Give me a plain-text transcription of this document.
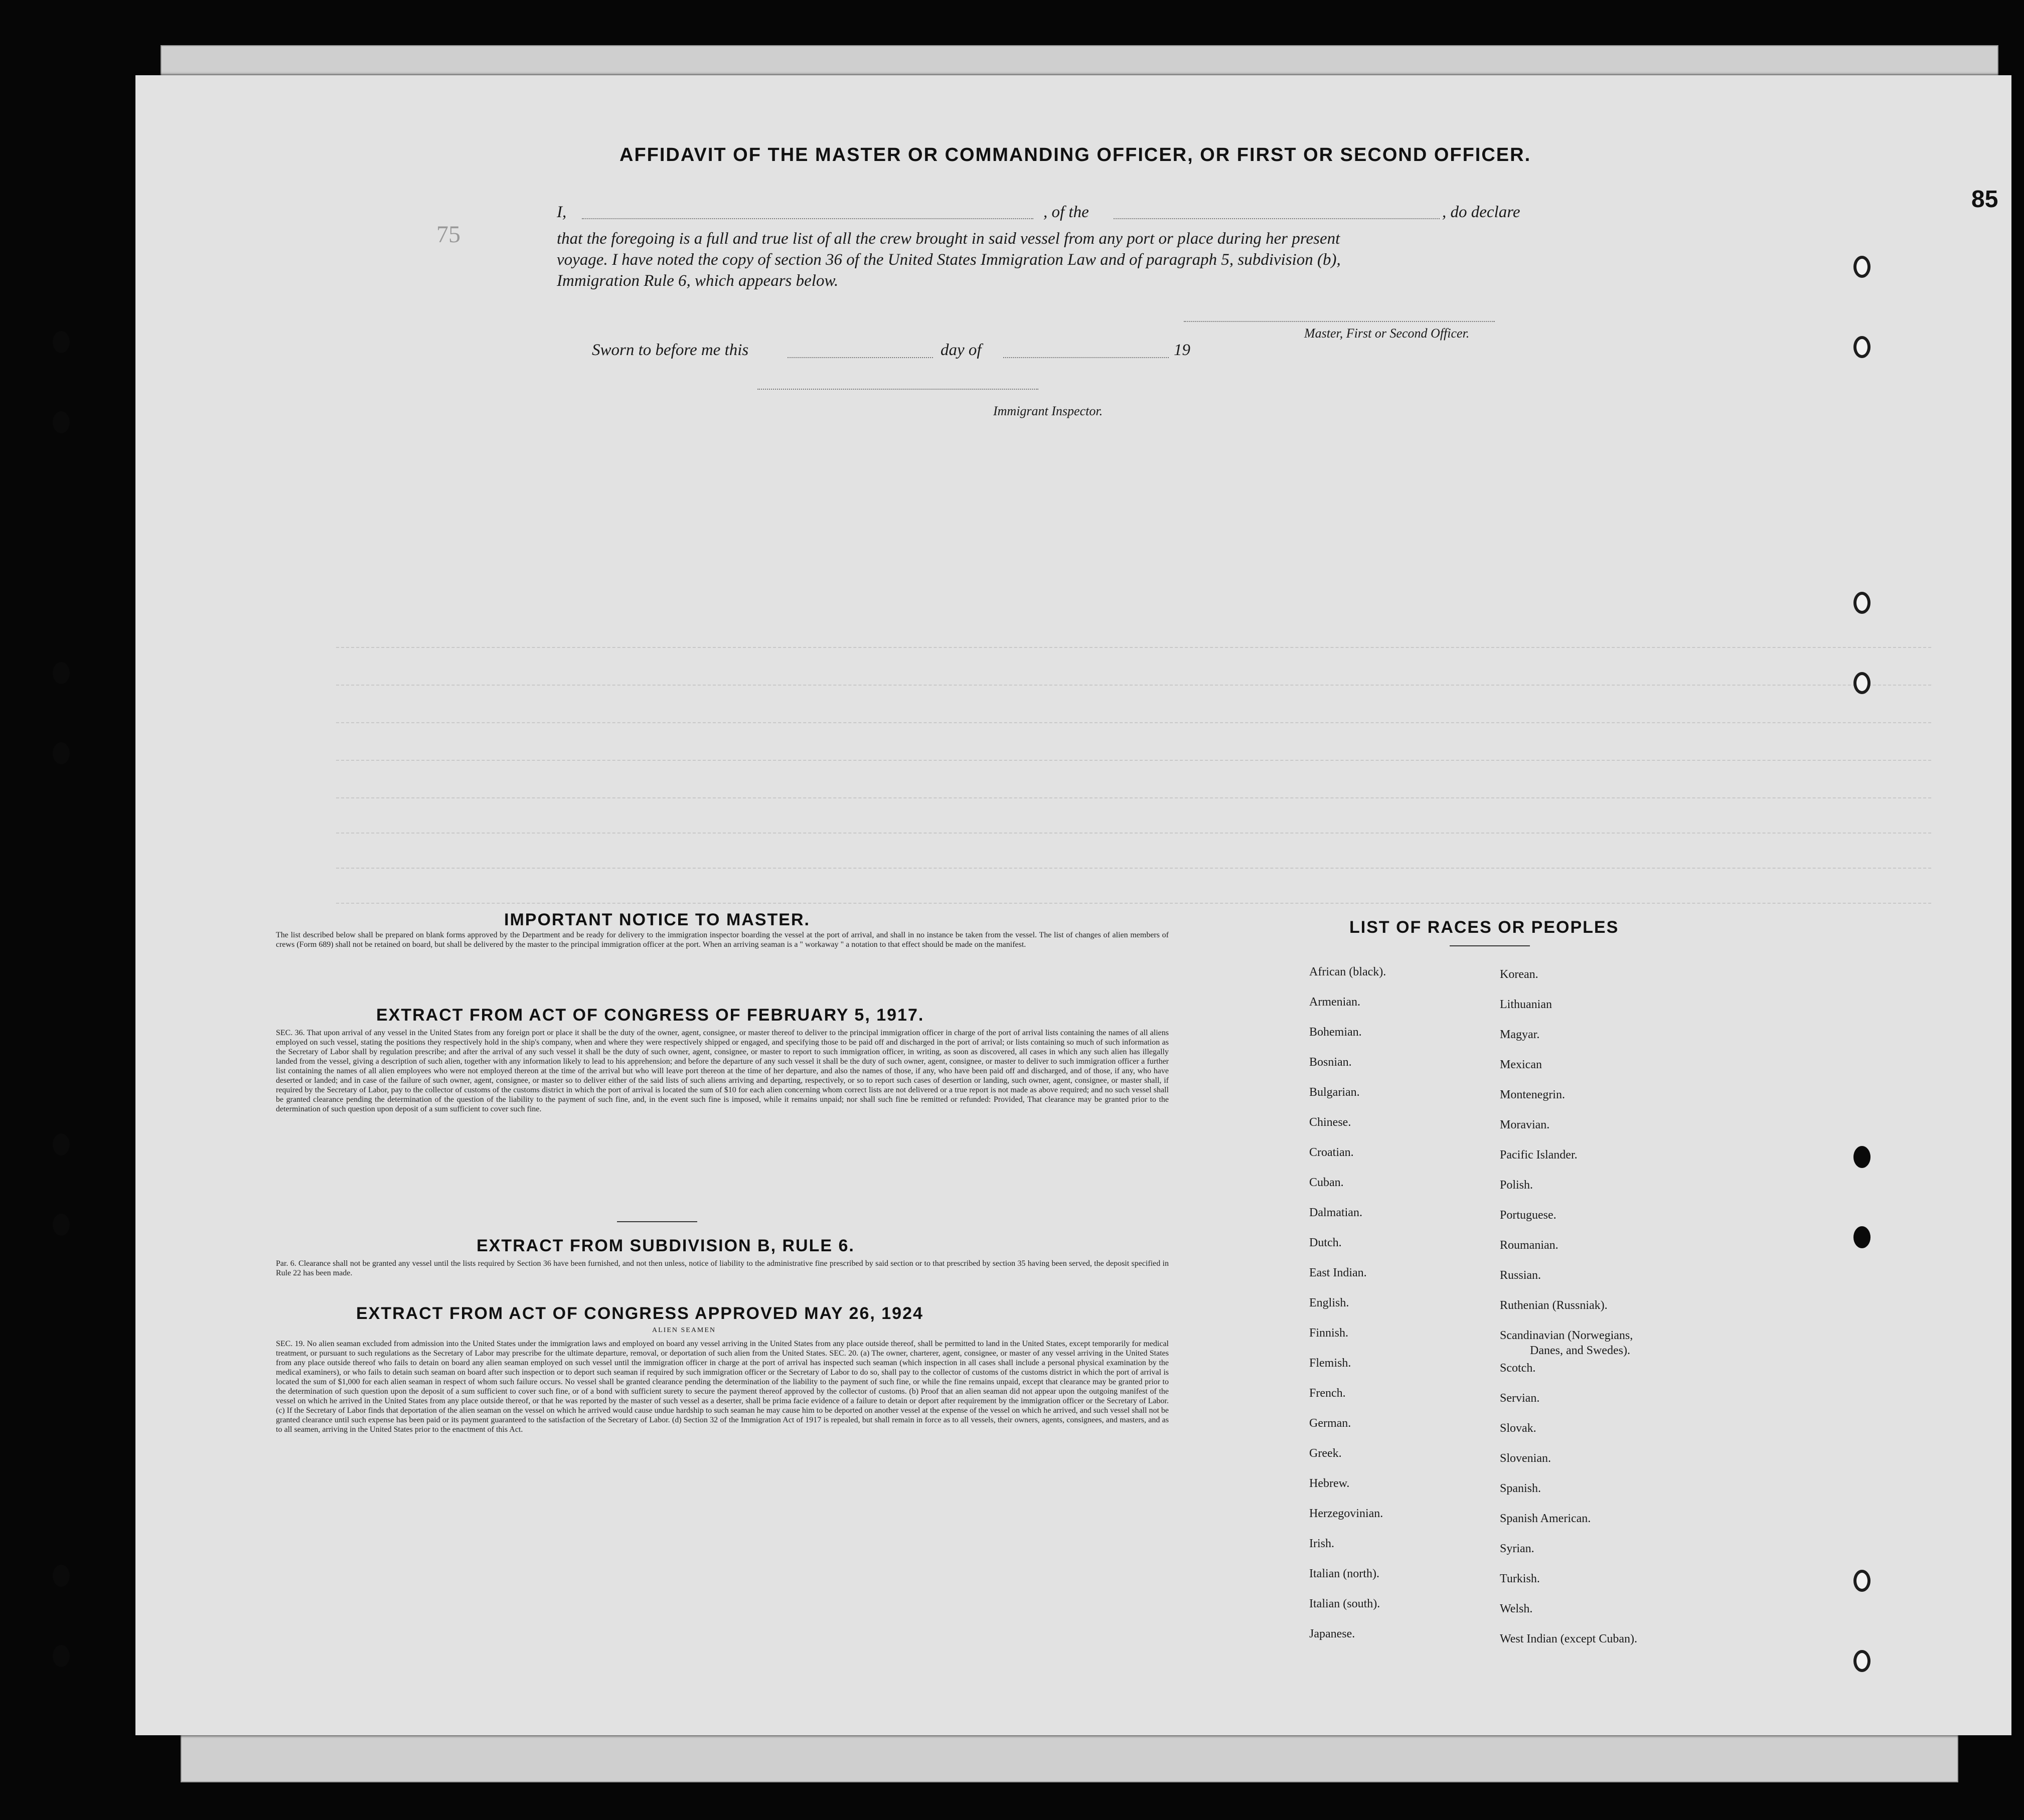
85
75
AFFIDAVIT OF THE MASTER OR COMMANDING OFFICER, OR FIRST OR SECOND OFFICER.
I,	, of the	, do declare
that the foregoing is a full and true list of all the crew brought in said vessel from any port or place during her present
voyage. I have noted the copy of section 36 of the United States Immigration Law and of paragraph 5, subdivision (b),
Immigration Rule 6, which appears below.
Master, First or Second Officer.
Sworn to before me this	day of	19
Immigrant Inspector.
IMPORTANT NOTICE TO MASTER.
The list described below shall be prepared on blank forms approved by the Department and be ready for delivery to the immigration inspector boarding the vessel at the port of arrival, and shall in no instance be taken from the vessel. The list of changes of alien members of crews (Form 689) shall not be retained on board, but shall be delivered by the master to the principal immigration officer at the port. When an arriving seaman is a " workaway " a notation to that effect should be made on the manifest.
EXTRACT FROM ACT OF CONGRESS OF FEBRUARY 5, 1917.
SEC. 36. That upon arrival of any vessel in the United States from any foreign port or place it shall be the duty of the owner, agent, consignee, or master thereof to deliver to the principal immigration officer in charge of the port of arrival lists containing the names of all aliens employed on such vessel, stating the positions they respectively hold in the ship's company, when and where they were respectively shipped or engaged, and specifying those to be paid off and discharged in the port of arrival; or lists containing so much of such information as the Secretary of Labor shall by regulation prescribe; and after the arrival of any such vessel it shall be the duty of such owner, agent, consignee, or master to report to such immigration officer, in writing, as soon as discovered, all cases in which any such alien has illegally landed from the vessel, giving a description of such alien, together with any information likely to lead to his apprehension; and before the departure of any such vessel it shall be the duty of such owner, agent, consignee, or master to deliver to such immigration officer a further list containing the names of all alien employees who were not employed thereon at the time of the arrival but who will leave port thereon at the time of her departure, and also the names of those, if any, who have been paid off and discharged, and of those, if any, who have deserted or landed; and in case of the failure of such owner, agent, consignee, or master so to deliver either of the said lists of such aliens arriving and departing, respectively, or so to report such cases of desertion or landing, such owner, agent, consignee, or master shall, if required by the Secretary of Labor, pay to the collector of customs of the customs district in which the port of arrival is located the sum of $10 for each alien concerning whom correct lists are not delivered or a true report is not made as above required; and no such vessel shall be granted clearance pending the determination of the question of the liability to the payment of such fine, and, in the event such fine is imposed, while it remains unpaid; nor shall such fine be remitted or refunded: Provided, That clearance may be granted prior to the determination of such question upon deposit of a sum sufficient to cover such fine.
EXTRACT FROM SUBDIVISION B, RULE 6.
Par. 6. Clearance shall not be granted any vessel until the lists required by Section 36 have been furnished, and not then unless, notice of liability to the administrative fine prescribed by said section or to that prescribed by section 35 having been served, the deposit specified in Rule 22 has been made.
EXTRACT FROM ACT OF CONGRESS APPROVED MAY 26, 1924
ALIEN SEAMEN
SEC. 19. No alien seaman excluded from admission into the United States under the immigration laws and employed on board any vessel arriving in the United States from any place outside thereof, shall be permitted to land in the United States, except temporarily for medical treatment, or pursuant to such regulations as the Secretary of Labor may prescribe for the ultimate departure, removal, or deportation of such alien from the United States. SEC. 20. (a) The owner, charterer, agent, consignee, or master of any vessel arriving in the United States from any place outside thereof who fails to detain on board any alien seaman employed on such vessel until the immigration officer in charge at the port of arrival has inspected such seaman (which inspection in all cases shall include a personal physical examination by the medical examiners), or who fails to detain such seaman on board after such inspection or to deport such seaman if required by such immigration officer or the Secretary of Labor to do so, shall pay to the collector of customs of the customs district in which the port of arrival is located the sum of $1,000 for each alien seaman in respect of whom such failure occurs. No vessel shall be granted clearance pending the determination of the liability to the payment of such fine, or while the fine remains unpaid, except that clearance may be granted prior to the determination of such question upon the deposit of a sum sufficient to cover such fine, or of a bond with sufficient surety to secure the payment thereof approved by the collector of customs. (b) Proof that an alien seaman did not appear upon the outgoing manifest of the vessel on which he arrived in the United States from any place outside thereof, or that he was reported by the master of such vessel as a deserter, shall be prima facie evidence of a failure to detain or deport after requirement by the immigration officer or the Secretary of Labor. (c) If the Secretary of Labor finds that deportation of the alien seaman on the vessel on which he arrived would cause undue hardship to such seaman he may cause him to be deported on another vessel at the expense of the vessel on which he arrived, and such vessel shall not be granted clearance until such expense has been paid or its payment guaranteed to the satisfaction of the Secretary of Labor. (d) Section 32 of the Immigration Act of 1917 is repealed, but shall remain in force as to all vessels, their owners, agents, consignees, and masters, and as to all seamen, arriving in the United States prior to the enactment of this Act.
LIST OF RACES OR PEOPLES
African (black).
Armenian.
Bohemian.
Bosnian.
Bulgarian.
Chinese.
Croatian.
Cuban.
Dalmatian.
Dutch.
East Indian.
English.
Finnish.
Flemish.
French.
German.
Greek.
Hebrew.
Herzegovinian.
Irish.
Italian (north).
Italian (south).
Japanese.
Korean.
Lithuanian
Magyar.
Mexican
Montenegrin.
Moravian.
Pacific Islander.
Polish.
Portuguese.
Roumanian.
Russian.
Ruthenian (Russniak).
Scandinavian (Norwegians,
Danes, and Swedes).
Scotch.
Servian.
Slovak.
Slovenian.
Spanish.
Spanish American.
Syrian.
Turkish.
Welsh.
West Indian (except Cuban).
